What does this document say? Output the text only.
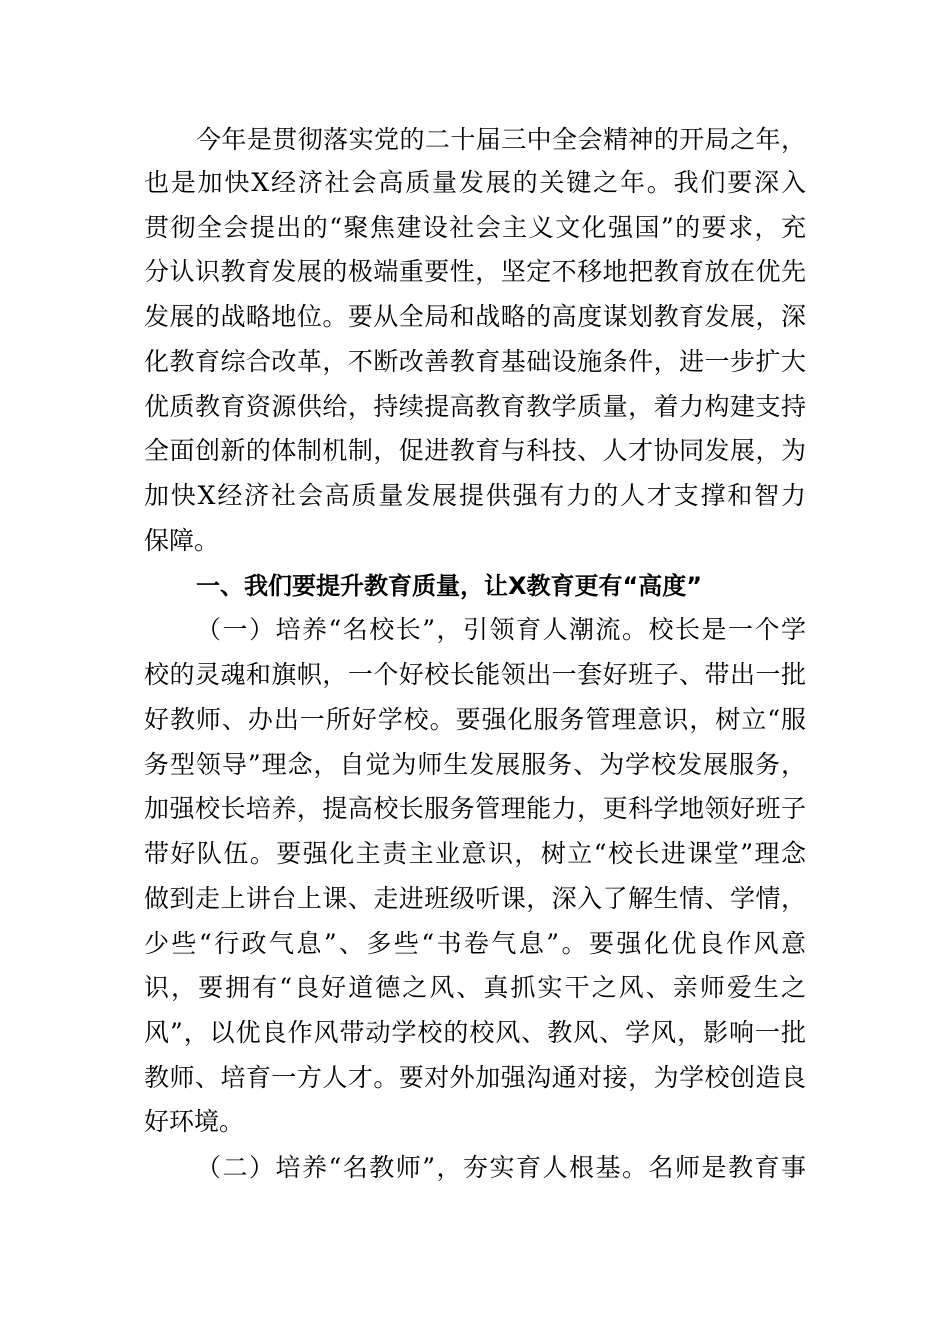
今年是贯彻落实党的二十届三中全会精神的开局之年，
也是加快X经济社会高质量发展的关键之年。我们要深入
贯彻全会提出的“聚焦建设社会主义文化强国”的要求，充
分认识教育发展的极端重要性，坚定不移地把教育放在优先
发展的战略地位。要从全局和战略的高度谋划教育发展，深
化教育综合改革，不断改善教育基础设施条件，进一步扩大
优质教育资源供给，持续提高教育教学质量，着力构建支持
全面创新的体制机制，促进教育与科技、人才协同发展，为
加快X经济社会高质量发展提供强有力的人才支撑和智力
保障。
一、我们要提升教育质量，让X教育更有“高度”
（一）培养“名校长”，引领育人潮流。校长是一个学
校的灵魂和旗帜，一个好校长能领出一套好班子、带出一批
好教师、办出一所好学校。要强化服务管理意识，树立“服
务型领导”理念，自觉为师生发展服务、为学校发展服务，
加强校长培养，提高校长服务管理能力，更科学地领好班子
带好队伍。要强化主责主业意识，树立“校长进课堂”理念
做到走上讲台上课、走进班级听课，深入了解生情、学情，
少些“行政气息”、多些“书卷气息”。要强化优良作风意
识，要拥有“良好道德之风、真抓实干之风、亲师爱生之
风”，以优良作风带动学校的校风、教风、学风，影响一批
教师、培育一方人才。要对外加强沟通对接，为学校创造良
好环境。
（二）培养“名教师”，夯实育人根基。名师是教育事
